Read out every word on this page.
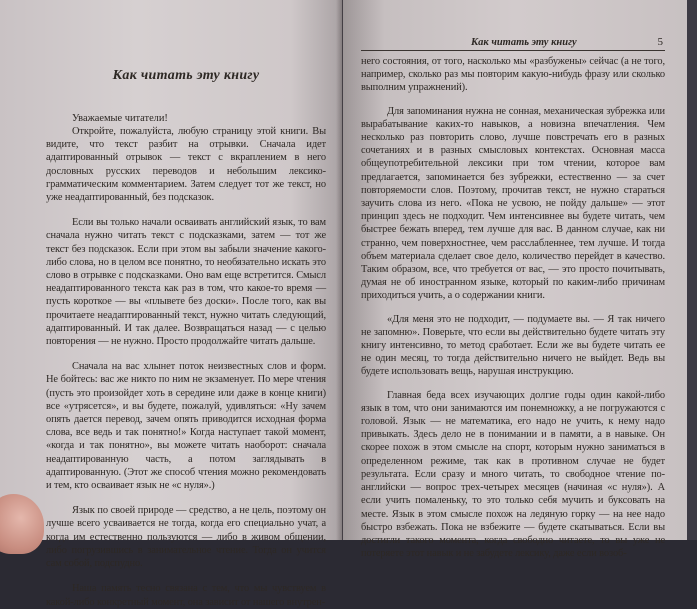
Как читать эту книгу
Уважаемые читатели!

Откройте, пожалуйста, любую страницу этой книги. Вы видите, что текст разбит на отрывки. Сначала идет адаптированный отрывок — текст с вкраплением в него дословных русских переводов и небольшим лексико-грамматическим комментарием. Затем следует тот же текст, но уже неадаптированный, без подсказок.

Если вы только начали осваивать английский язык, то вам сначала нужно читать текст с подсказками, затем — тот же текст без подсказок. Если при этом вы забыли значение какого-либо слова, но в целом все понятно, то необязательно искать это слово в отрывке с подсказками. Оно вам еще встретится. Смысл неадаптированного текста как раз в том, что какое-то время — пусть короткое — вы «плывете без доски». После того, как вы прочитаете неадаптированный текст, нужно читать следующий, адаптированный. И так далее. Возвращаться назад — с целью повторения — не нужно. Просто продолжайте читать дальше.

Сначала на вас хлынет поток неизвестных слов и форм. Не бойтесь: вас же никто по ним не экзаменует. По мере чтения (пусть это произойдет хоть в середине или даже в конце книги) все «утрясется», и вы будете, пожалуй, удивляться: «Ну зачем опять дается перевод, зачем опять приводится исходная форма слова, все ведь и так понятно!» Когда наступает такой момент, «когда и так понятно», вы можете читать наоборот: сначала неадаптированную часть, а потом заглядывать в адаптированную. (Этот же способ чтения можно рекомендовать и тем, кто осваивает язык не «с нуля».)

Язык по своей природе — средство, а не цель, поэтому он лучше всего усваивается не тогда, когда его специально учат, а когда им естественно пользуются — либо в живом общении, либо погрузившись в занимательное чтение. Тогда он учится сам собой, подспудно.

Наша память тесно связана с тем, что мы чувствуем в какой-либо конкретный момент, она зависит от нашего внутрен-

Как читать эту книгу	5

него состояния, от того, насколько мы «разбужены» сейчас (а не того, например, сколько раз мы повторим какую-нибудь фразу или сколько выполним упражнений).

Для запоминания нужна не сонная, механическая зубрежка или вырабатывание каких-то навыков, а новизна впечатления. Чем несколько раз повторить слово, лучше повстречать его в разных сочетаниях и в разных смысловых контекстах. Основная масса общеупотребительной лексики при том чтении, которое вам предлагается, запоминается без зубрежки, естественно — за счет повторяемости слов. Поэтому, прочитав текст, не нужно стараться заучить слова из него. «Пока не усвою, не пойду дальше» — этот принцип здесь не подходит. Чем интенсивнее вы будете читать, чем быстрее бежать вперед, тем лучше для вас. В данном случае, как ни странно, чем поверхностнее, чем расслабленнее, тем лучше. И тогда объем материала сделает свое дело, количество перейдет в качество. Таким образом, все, что требуется от вас, — это просто почитывать, думая не об иностранном языке, который по каким-либо причинам приходиться учить, а о содержании книги.

«Для меня это не подходит, — подумаете вы. — Я так ничего не запомню». Поверьте, что если вы действительно будете читать эту книгу интенсивно, то метод сработает. Если же вы будете читать ее не один месяц, то тогда действительно ничего не выйдет. Ведь вы будете использовать вещь, нарушая инструкцию.

Главная беда всех изучающих долгие годы один какой-либо язык в том, что они занимаются им понемножку, а не погружаются с головой. Язык — не математика, его надо не учить, к нему надо привыкать. Здесь дело не в понимании и в памяти, а в навыке. Он скорее похож в этом смысле на спорт, которым нужно заниматься в определенном режиме, так как в противном случае не будет результата. Если сразу и много читать, то свободное чтение по-английски — вопрос трех-четырех месяцев (начиная «с нуля»). А если учить помаленьку, то это только себя мучить и буксовать на месте. Язык в этом смысле похож на ледяную горку — на нее надо быстро взбежать. Пока не взбежите — будете скатываться. Если вы достигли такого момента, когда свободно читаете, то вы уже не потеряете этот навык и не забудете лексику, даже если возоб-
